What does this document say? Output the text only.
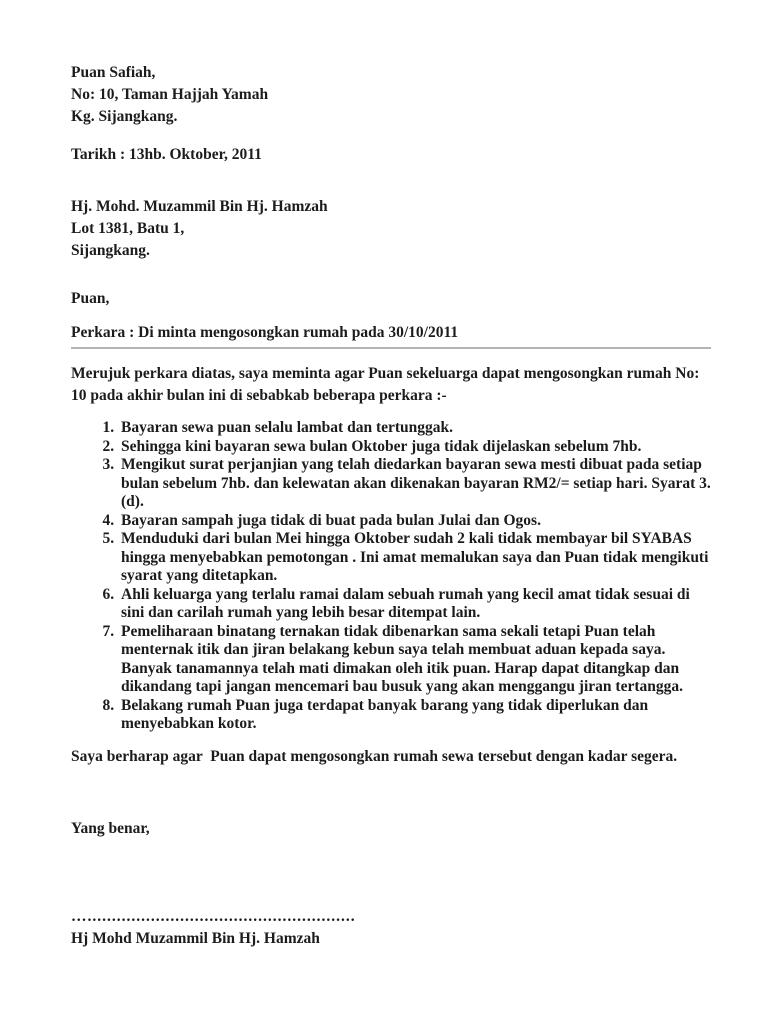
Puan Safiah,
No: 10, Taman Hajjah Yamah
Kg. Sijangkang.
Tarikh : 13hb. Oktober, 2011
Hj. Mohd. Muzammil Bin Hj. Hamzah
Lot 1381, Batu 1,
Sijangkang.
Puan,
Perkara : Di minta mengosongkan rumah pada 30/10/2011

Merujuk perkara diatas, saya meminta agar Puan sekeluarga dapat mengosongkan rumah No: 10 pada akhir bulan ini di sebabkab beberapa perkara :-

1. Bayaran sewa puan selalu lambat dan tertunggak.
2. Sehingga kini bayaran sewa bulan Oktober juga tidak dijelaskan sebelum 7hb.
3. Mengikut surat perjanjian yang telah diedarkan bayaran sewa mesti dibuat pada setiap bulan sebelum 7hb. dan kelewatan akan dikenakan bayaran RM2/= setiap hari. Syarat 3. (d).
4. Bayaran sampah juga tidak di buat pada bulan Julai dan Ogos.
5. Menduduki dari bulan Mei hingga Oktober sudah 2 kali tidak membayar bil SYABAS hingga menyebabkan pemotongan . Ini amat memalukan saya dan Puan tidak mengikuti syarat yang ditetapkan.
6. Ahli keluarga yang terlalu ramai dalam sebuah rumah yang kecil amat tidak sesuai di sini dan carilah rumah yang lebih besar ditempat lain.
7. Pemeliharaan binatang ternakan tidak dibenarkan sama sekali tetapi Puan telah menternak itik dan jiran belakang kebun saya telah membuat aduan kepada saya. Banyak tanamannya telah mati dimakan oleh itik puan. Harap dapat ditangkap dan dikandang tapi jangan mencemari bau busuk yang akan menggangu jiran tertangga.
8. Belakang rumah Puan juga terdapat banyak barang yang tidak diperlukan dan menyebabkan kotor.

Saya berharap agar  Puan dapat mengosongkan rumah sewa tersebut dengan kadar segera.

Yang benar,
….......................................................
Hj Mohd Muzammil Bin Hj. Hamzah
